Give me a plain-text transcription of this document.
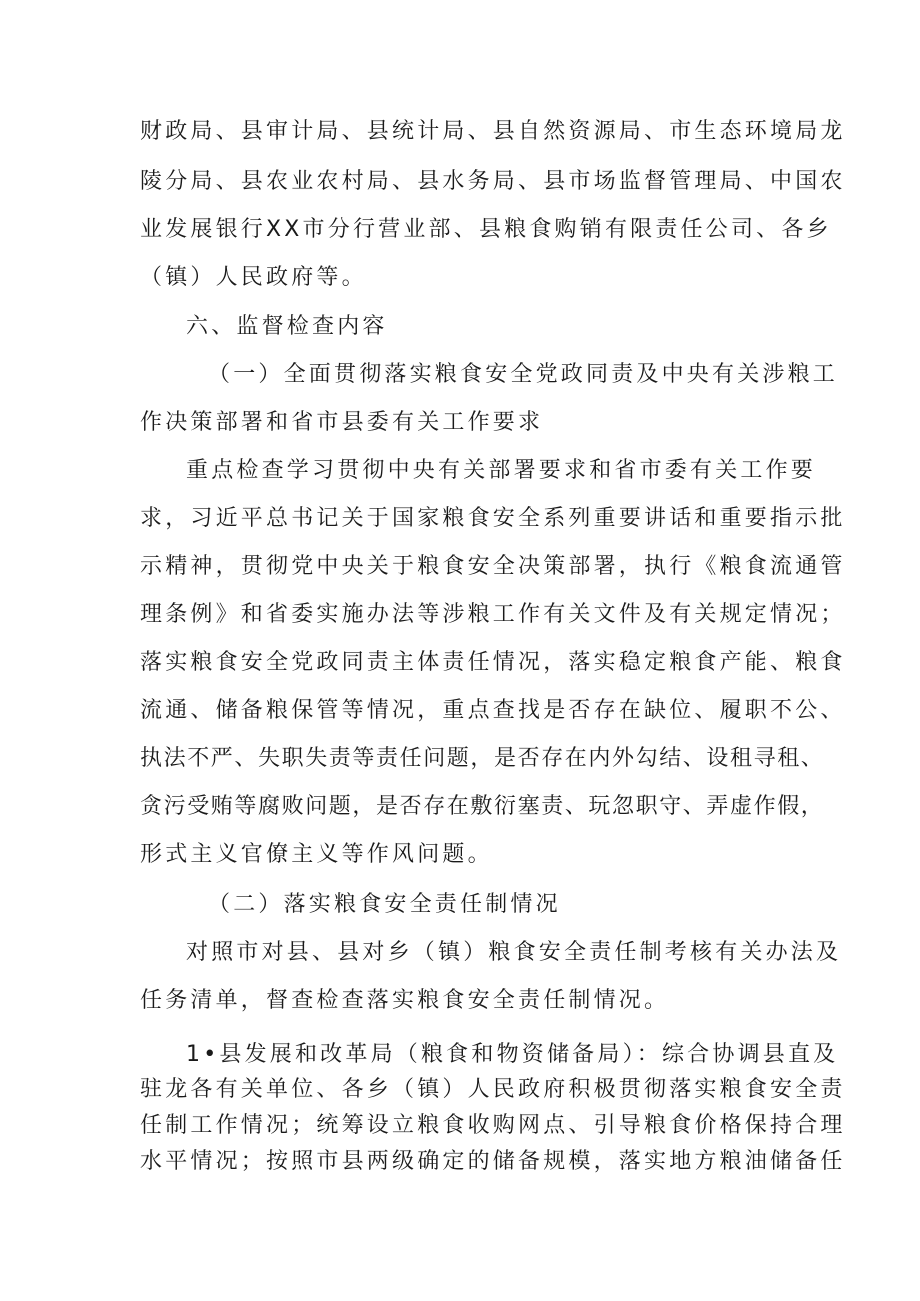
财政局、县审计局、县统计局、县自然资源局、市生态环境局龙
陵分局、县农业农村局、县水务局、县市场监督管理局、中国农
业发展银行XX市分行营业部、县粮食购销有限责任公司、各乡
（镇）人民政府等。
六、监督检查内容
（一）全面贯彻落实粮食安全党政同责及中央有关涉粮工
作决策部署和省市县委有关工作要求
重点检查学习贯彻中央有关部署要求和省市委有关工作要
求，习近平总书记关于国家粮食安全系列重要讲话和重要指示批
示精神，贯彻党中央关于粮食安全决策部署，执行《粮食流通管
理条例》和省委实施办法等涉粮工作有关文件及有关规定情况；
落实粮食安全党政同责主体责任情况，落实稳定粮食产能、粮食
流通、储备粮保管等情况，重点查找是否存在缺位、履职不公、
执法不严、失职失责等责任问题，是否存在内外勾结、设租寻租、
贪污受贿等腐败问题，是否存在敷衍塞责、玩忽职守、弄虚作假，
形式主义官僚主义等作风问题。
（二）落实粮食安全责任制情况
对照市对县、县对乡（镇）粮食安全责任制考核有关办法及
任务清单，督查检查落实粮食安全责任制情况。
1•县发展和改革局（粮食和物资储备局）：综合协调县直及
驻龙各有关单位、各乡（镇）人民政府积极贯彻落实粮食安全责
任制工作情况；统筹设立粮食收购网点、引导粮食价格保持合理
水平情况；按照市县两级确定的储备规模，落实地方粮油储备任
